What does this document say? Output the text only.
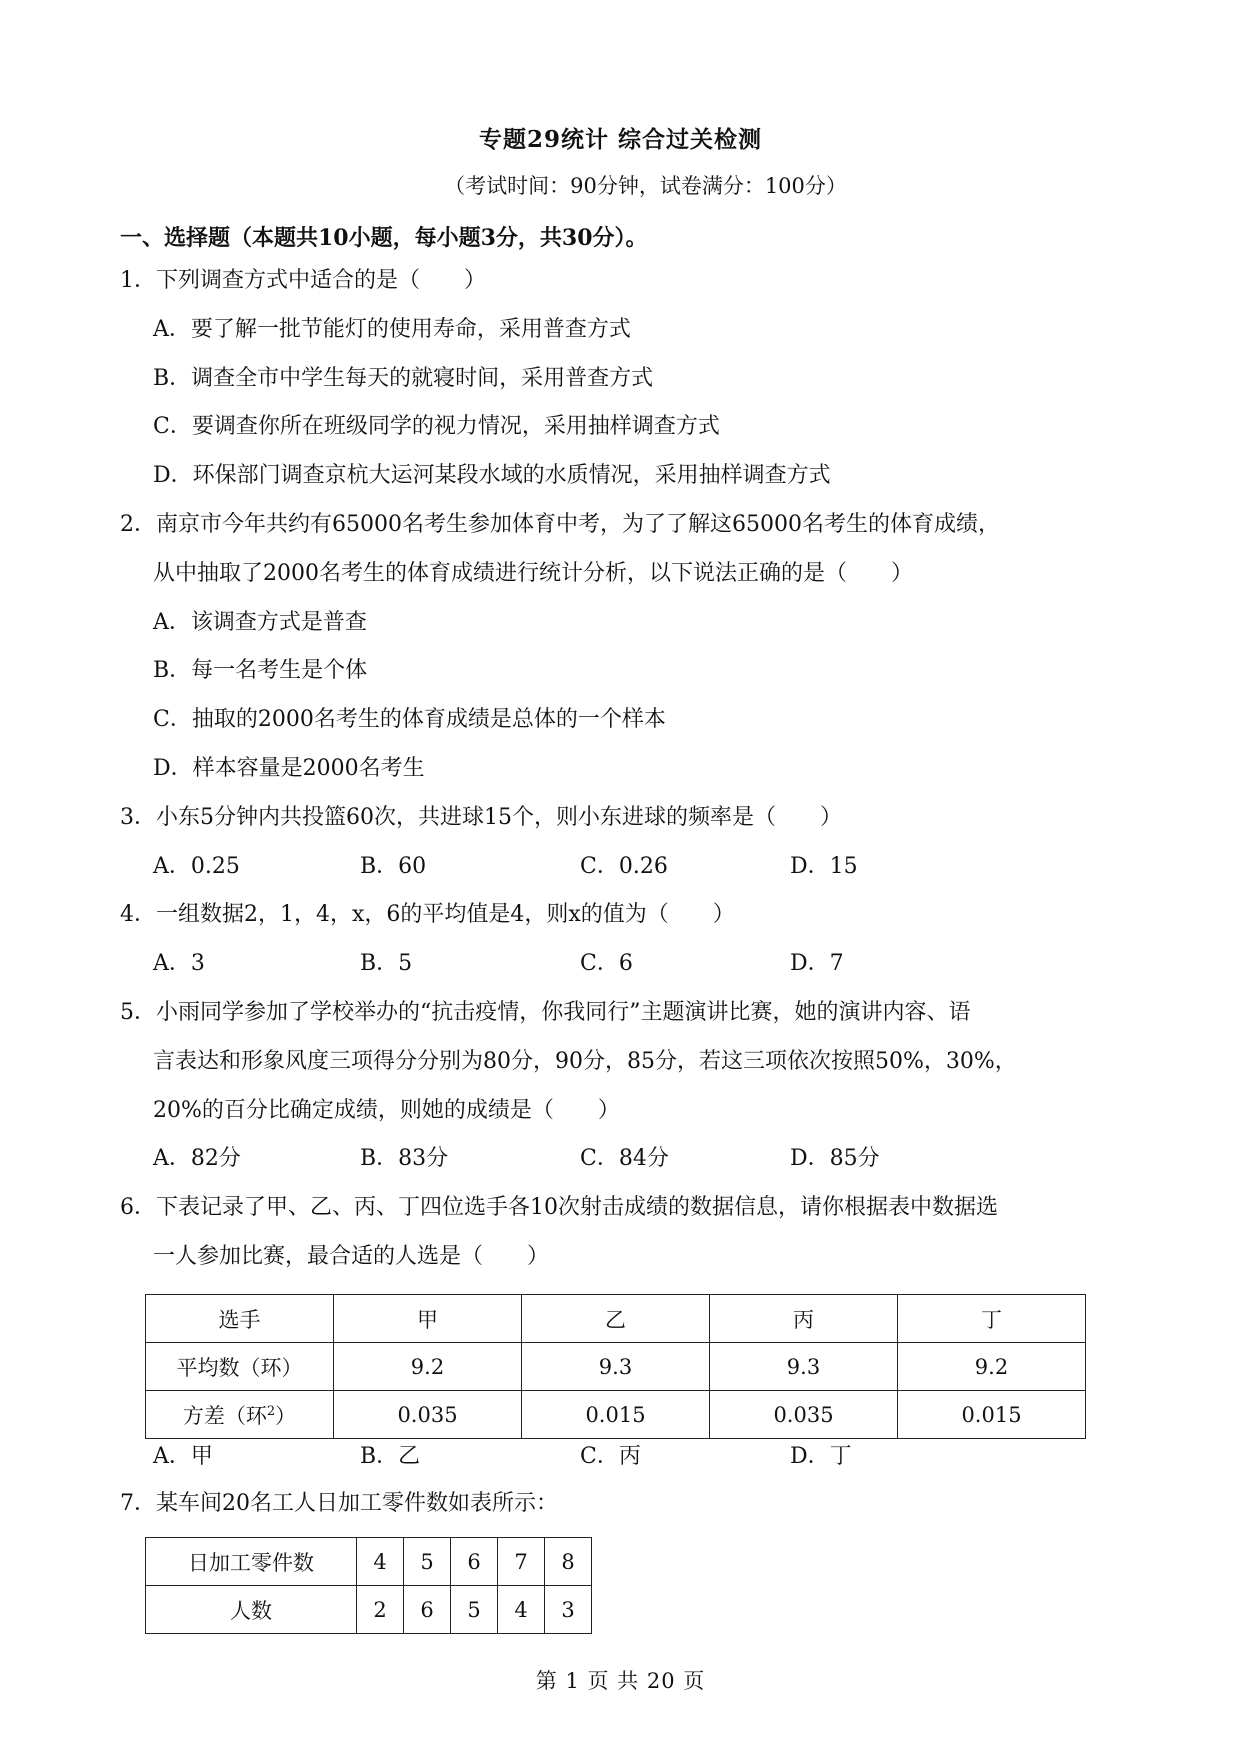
专题29统计 综合过关检测
（考试时间：90分钟，试卷满分：100分）
一、选择题（本题共10小题，每小题3分，共30分）。
1．下列调查方式中适合的是（　　）
A．要了解一批节能灯的使用寿命，采用普查方式
B．调查全市中学生每天的就寝时间，采用普查方式
C．要调查你所在班级同学的视力情况，采用抽样调查方式
D．环保部门调查京杭大运河某段水域的水质情况，采用抽样调查方式
2．南京市今年共约有65000名考生参加体育中考，为了了解这65000名考生的体育成绩，
从中抽取了2000名考生的体育成绩进行统计分析，以下说法正确的是（　　）
A．该调查方式是普查
B．每一名考生是个体
C．抽取的2000名考生的体育成绩是总体的一个样本
D．样本容量是2000名考生
3．小东5分钟内共投篮60次，共进球15个，则小东进球的频率是（　　）
A．0.25	B．60	C．0.26	D．15
4．一组数据2，1，4，x，6的平均值是4，则x的值为（　　）
A．3	B．5	C．6	D．7
5．小雨同学参加了学校举办的“抗击疫情，你我同行”主题演讲比赛，她的演讲内容、语
言表达和形象风度三项得分分别为80分，90分，85分，若这三项依次按照50%，30%，
20%的百分比确定成绩，则她的成绩是（　　）
A．82分	B．83分	C．84分	D．85分
6．下表记录了甲、乙、丙、丁四位选手各10次射击成绩的数据信息，请你根据表中数据选
一人参加比赛，最合适的人选是（　　）
选手	甲	乙	丙	丁
平均数（环）	9.2	9.3	9.3	9.2
方差（环$^2$）	0.035	0.015	0.035	0.015
A．甲	B．乙	C．丙	D．丁
7．某车间20名工人日加工零件数如表所示：
日加工零件数	4	5	6	7	8
人数	2	6	5	4	3
第 1 页 共 20 页
